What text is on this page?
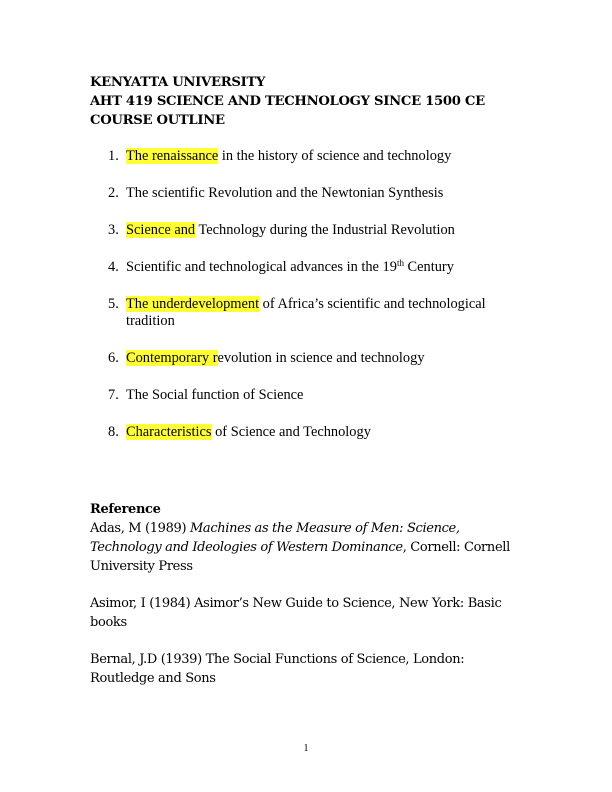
KENYATTA UNIVERSITY
AHT 419 SCIENCE AND TECHNOLOGY SINCE 1500 CE
COURSE OUTLINE
1. The renaissance in the history of science and technology
2. The scientific Revolution and the Newtonian Synthesis
3. Science and Technology during the Industrial Revolution
4. Scientific and technological advances in the 19th Century
5. The underdevelopment of Africa’s scientific and technological tradition
6. Contemporary revolution in science and technology
7. The Social function of Science
8. Characteristics of Science and Technology
Reference
Adas, M (1989) Machines as the Measure of Men: Science, Technology and Ideologies of Western Dominance, Cornell: Cornell University Press
Asimor, I (1984) Asimor’s New Guide to Science, New York: Basic books
Bernal, J.D (1939) The Social Functions of Science, London: Routledge and Sons
1
